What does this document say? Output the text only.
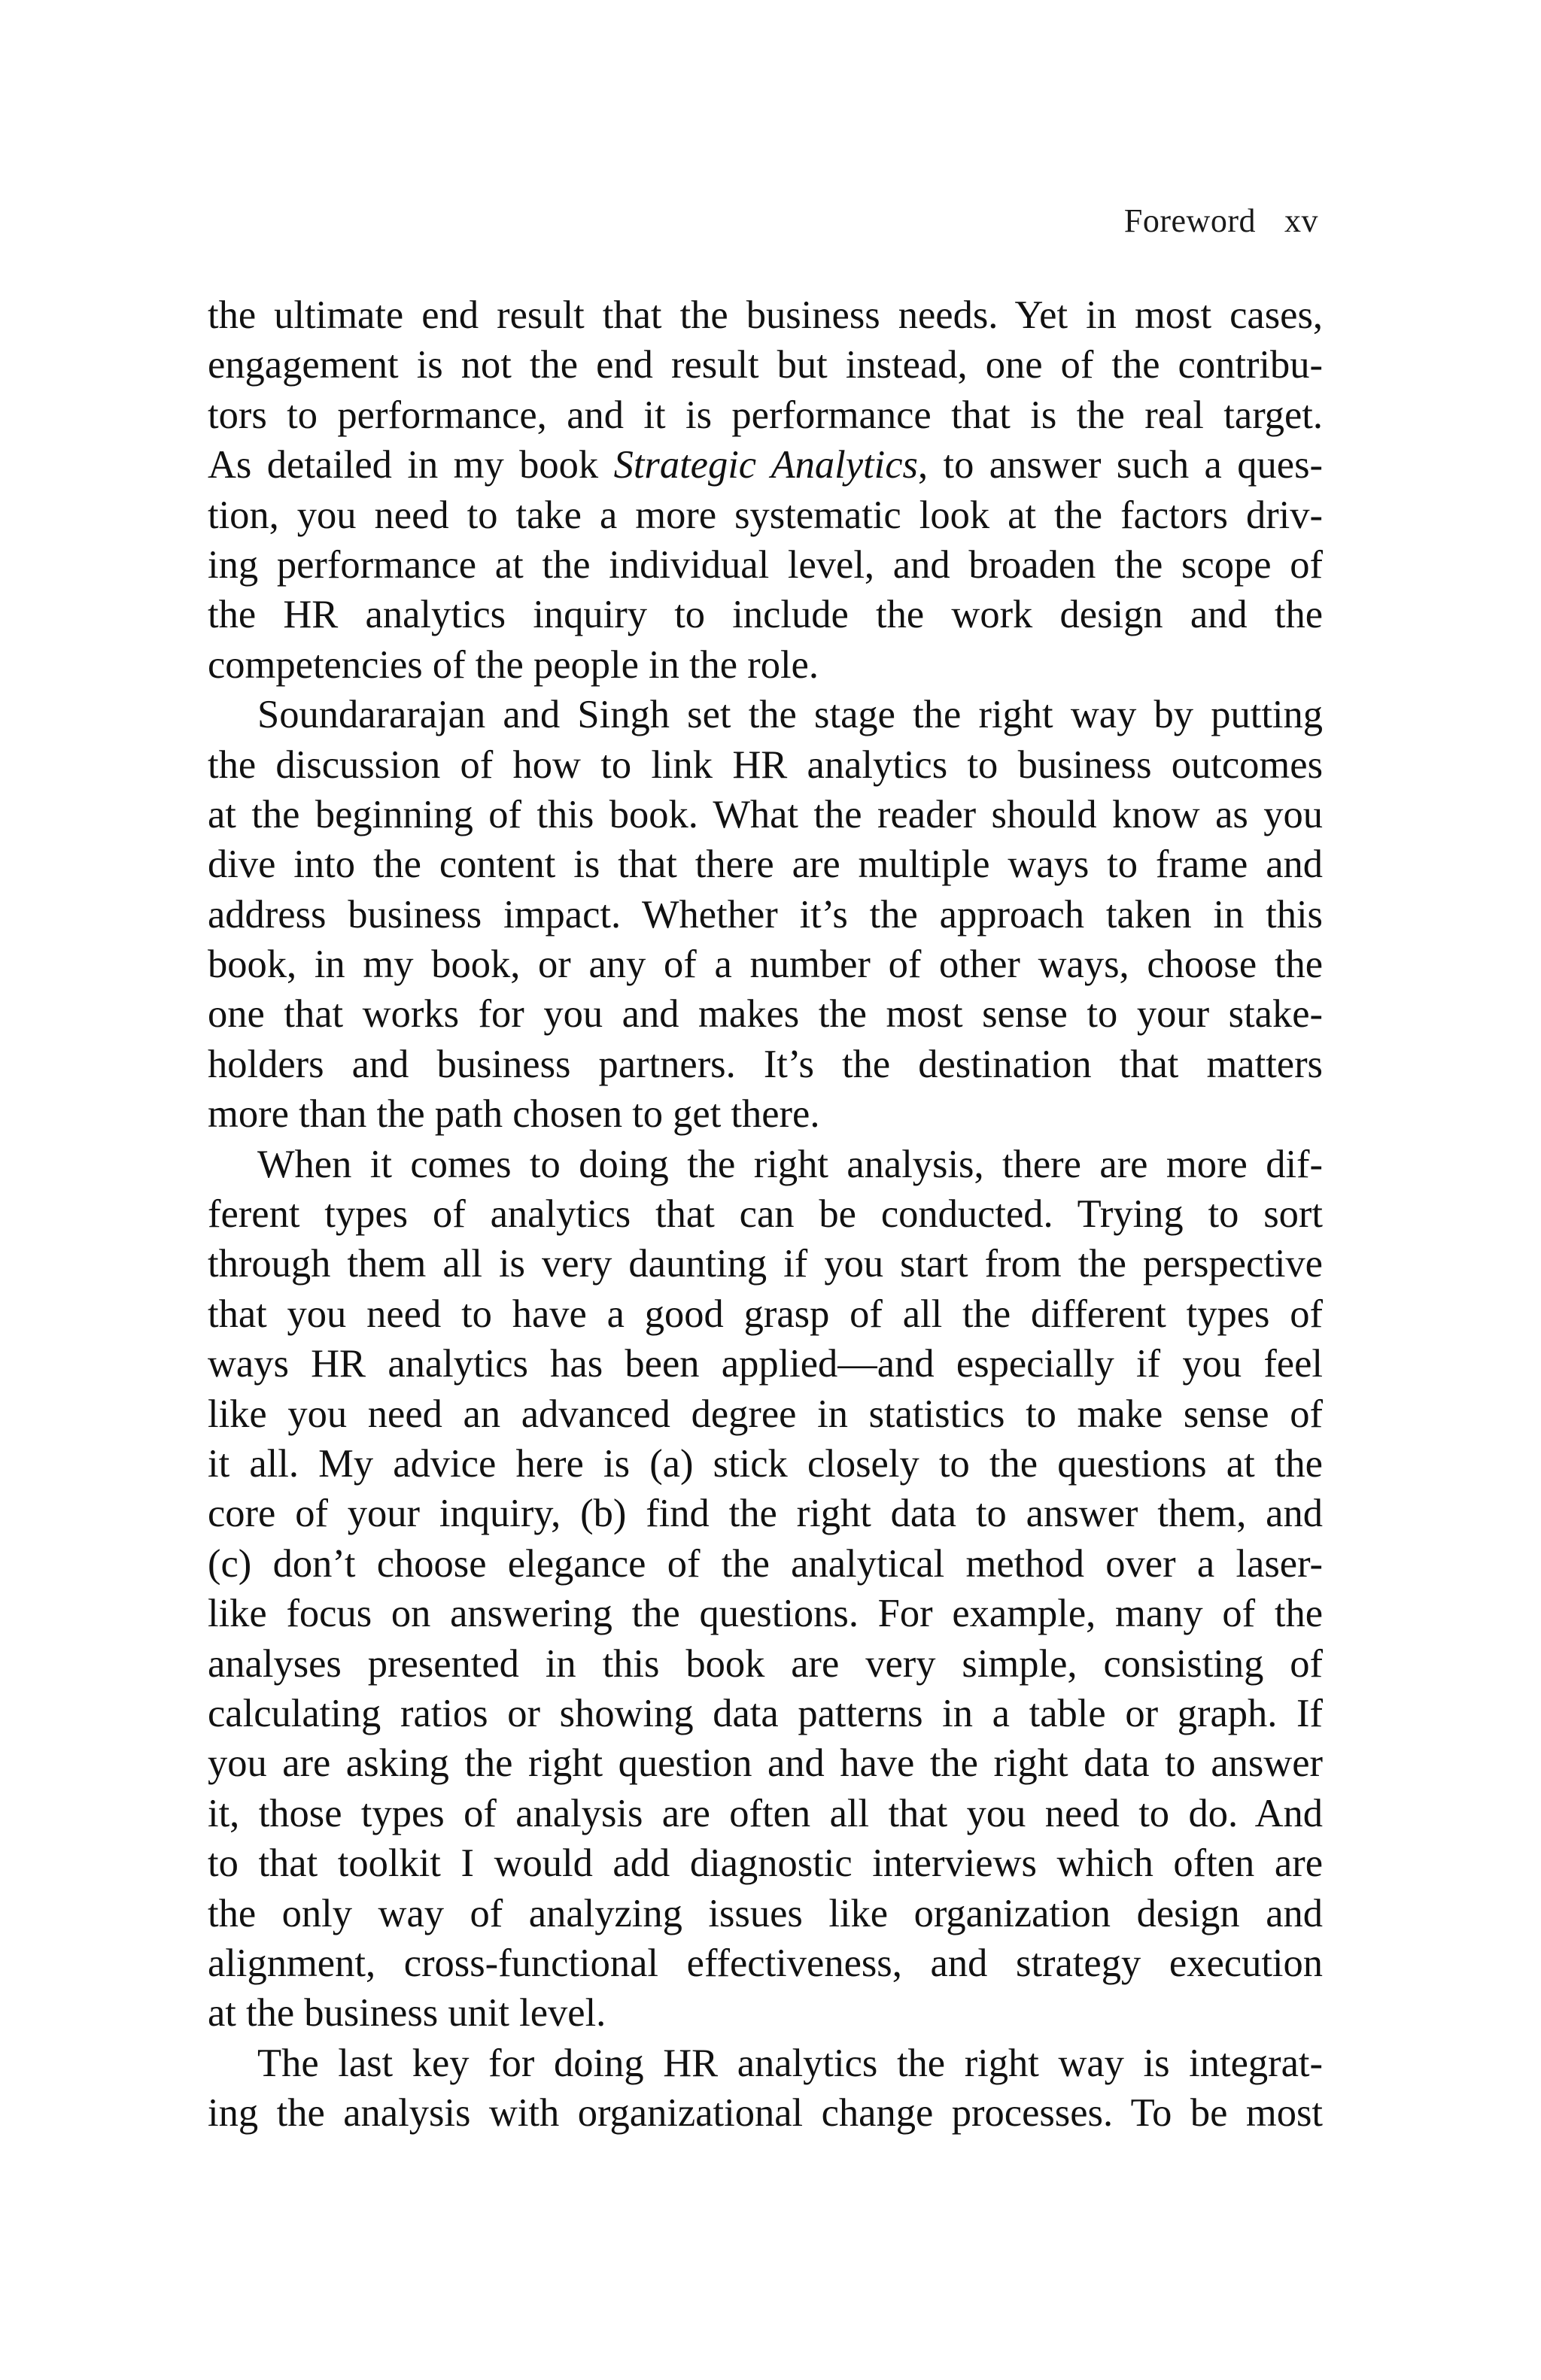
Foreword xv
the ultimate end result that the business needs. Yet in most cases,
engagement is not the end result but instead, one of the contribu-
tors to performance, and it is performance that is the real target.
As detailed in my book Strategic Analytics, to answer such a ques-
tion, you need to take a more systematic look at the factors driv-
ing performance at the individual level, and broaden the scope of
the HR analytics inquiry to include the work design and the
competencies of the people in the role.
Soundararajan and Singh set the stage the right way by putting
the discussion of how to link HR analytics to business outcomes
at the beginning of this book. What the reader should know as you
dive into the content is that there are multiple ways to frame and
address business impact. Whether it’s the approach taken in this
book, in my book, or any of a number of other ways, choose the
one that works for you and makes the most sense to your stake-
holders and business partners. It’s the destination that matters
more than the path chosen to get there.
When it comes to doing the right analysis, there are more dif-
ferent types of analytics that can be conducted. Trying to sort
through them all is very daunting if you start from the perspective
that you need to have a good grasp of all the different types of
ways HR analytics has been applied—and especially if you feel
like you need an advanced degree in statistics to make sense of
it all. My advice here is (a) stick closely to the questions at the
core of your inquiry, (b) find the right data to answer them, and
(c) don’t choose elegance of the analytical method over a laser-
like focus on answering the questions. For example, many of the
analyses presented in this book are very simple, consisting of
calculating ratios or showing data patterns in a table or graph. If
you are asking the right question and have the right data to answer
it, those types of analysis are often all that you need to do. And
to that toolkit I would add diagnostic interviews which often are
the only way of analyzing issues like organization design and
alignment, cross-functional effectiveness, and strategy execution
at the business unit level.
The last key for doing HR analytics the right way is integrat-
ing the analysis with organizational change processes. To be most
